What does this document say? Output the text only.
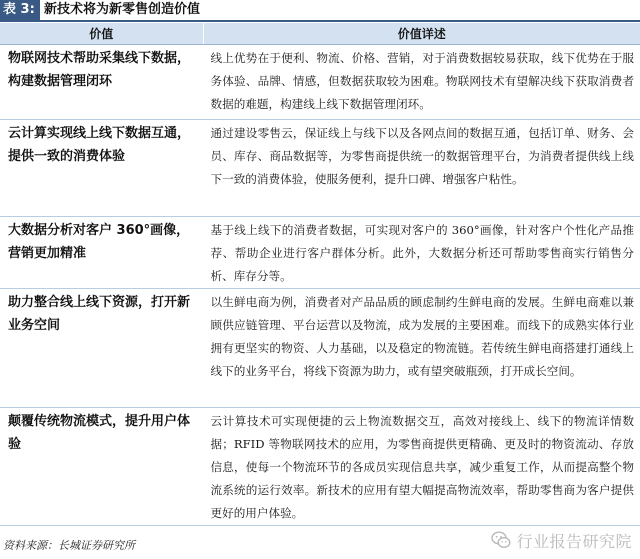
表 3: 新技术将为新零售创造价值
价值	价值详述
物联网技术帮助采集线下数据，构建数据管理闭环	线上优势在于便利、物流、价格、营销，对于消费数据较易获取，线下优势在于服务体验、品牌、情感，但数据获取较为困难。物联网技术有望解决线下获取消费者数据的难题，构建线上线下数据管理闭环。
云计算实现线上线下数据互通，提供一致的消费体验	通过建设零售云，保证线上与线下以及各网点间的数据互通，包括订单、财务、会员、库存、商品数据等，为零售商提供统一的数据管理平台，为消费者提供线上线下一致的消费体验，使服务便利，提升口碑、增强客户粘性。
大数据分析对客户 360°画像，营销更加精准	基于线上线下的消费者数据，可实现对客户的 360°画像，针对客户个性化产品推荐、帮助企业进行客户群体分析。此外，大数据分析还可帮助零售商实行销售分析、库存分等。
助力整合线上线下资源，打开新业务空间	以生鲜电商为例，消费者对产品品质的顾虑制约生鲜电商的发展。生鲜电商难以兼顾供应链管理、平台运营以及物流，成为发展的主要困难。而线下的成熟实体行业拥有更坚实的物资、人力基础，以及稳定的物流链。若传统生鲜电商搭建打通线上线下的业务平台，将线下资源为助力，或有望突破瓶颈，打开成长空间。
颠覆传统物流模式，提升用户体验	云计算技术可实现便捷的云上物流数据交互，高效对接线上、线下的物流详情数据；RFID 等物联网技术的应用，为零售商提供更精确、更及时的物资流动、存放信息，使每一个物流环节的各成员实现信息共享，减少重复工作，从而提高整个物流系统的运行效率。新技术的应用有望大幅提高物流效率，帮助零售商为客户提供更好的用户体验。
资料来源：长城证券研究所	行业报告研究院
